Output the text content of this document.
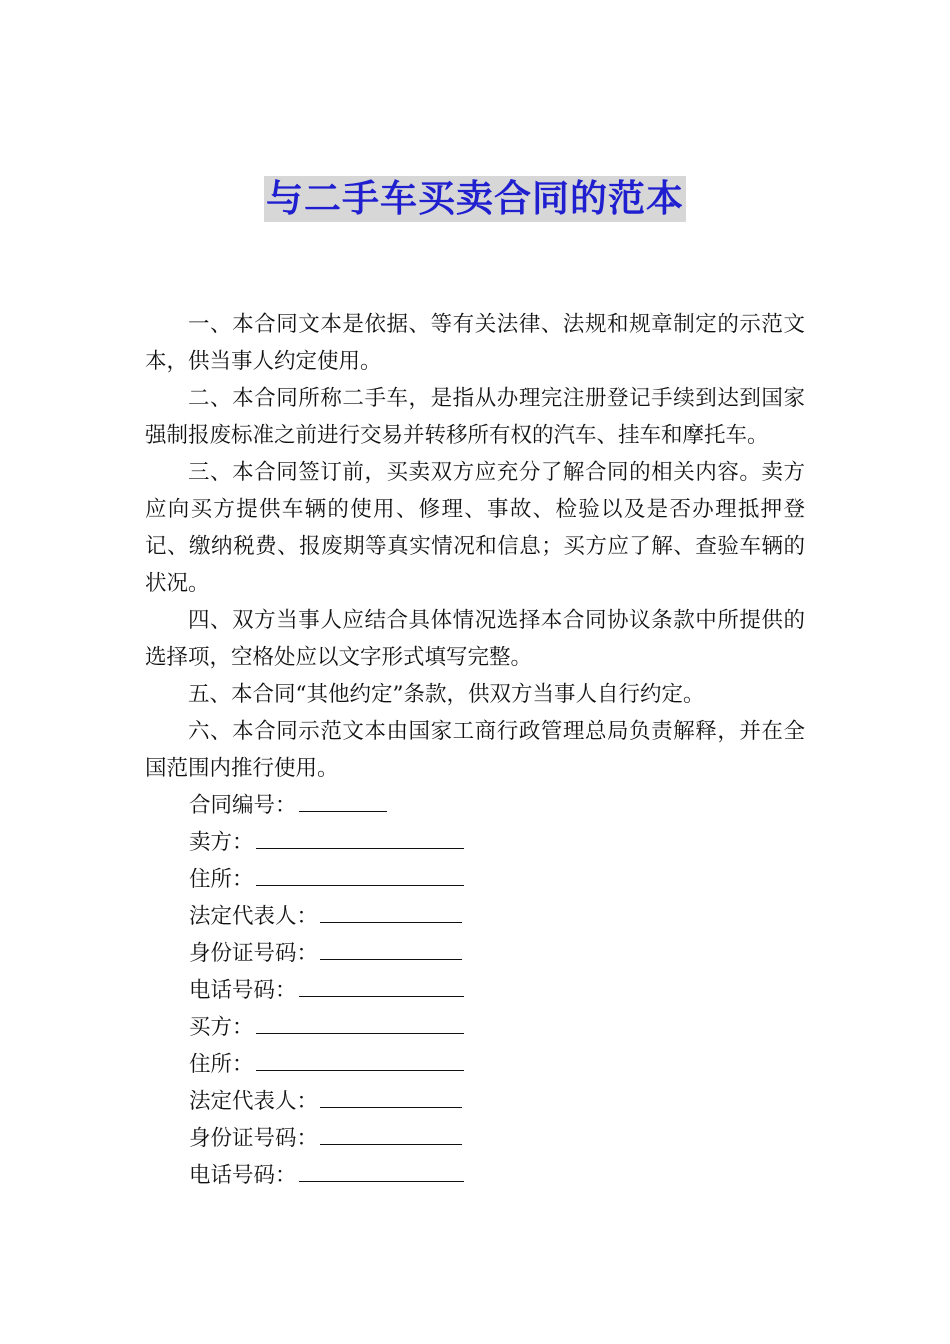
与二手车买卖合同的范本

一、本合同文本是依据、等有关法律、法规和规章制定的示范文本，供当事人约定使用。

二、本合同所称二手车，是指从办理完注册登记手续到达到国家强制报废标准之前进行交易并转移所有权的汽车、挂车和摩托车。

三、本合同签订前，买卖双方应充分了解合同的相关内容。卖方应向买方提供车辆的使用、修理、事故、检验以及是否办理抵押登记、缴纳税费、报废期等真实情况和信息；买方应了解、查验车辆的状况。

四、双方当事人应结合具体情况选择本合同协议条款中所提供的选择项，空格处应以文字形式填写完整。

五、本合同“其他约定”条款，供双方当事人自行约定。

六、本合同示范文本由国家工商行政管理总局负责解释，并在全国范围内推行使用。

合同编号：

卖方：

住所：

法定代表人：

身份证号码：

电话号码：

买方：

住所：

法定代表人：

身份证号码：

电话号码：
